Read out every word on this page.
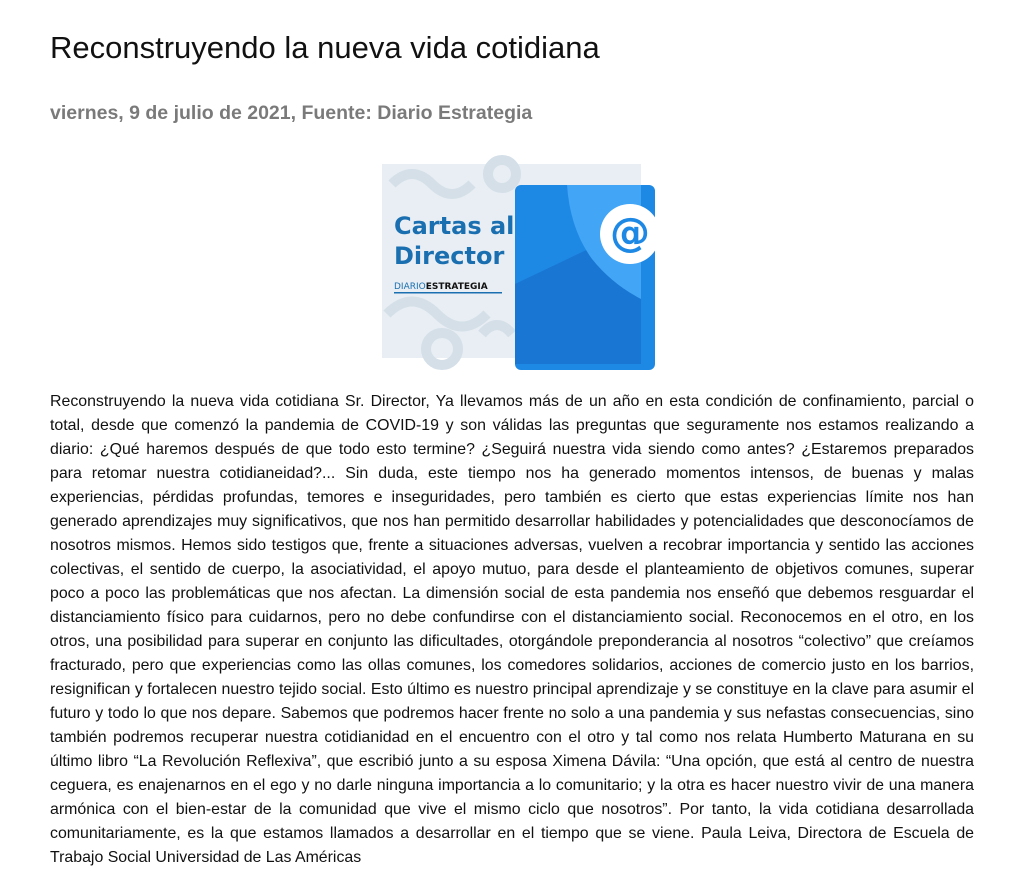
Reconstruyendo la nueva vida cotidiana
viernes, 9 de julio de 2021, Fuente: Diario Estrategia
@
Cartas al
Director
DIARIOESTRATEGIA

Reconstruyendo la nueva vida cotidiana Sr. Director, Ya llevamos más de un año en esta condición de confinamiento, parcial o total, desde que comenzó la pandemia de COVID-19 y son válidas las preguntas que seguramente nos estamos realizando a diario: ¿Qué haremos después de que todo esto termine? ¿Seguirá nuestra vida siendo como antes? ¿Estaremos preparados para retomar nuestra cotidianeidad?... Sin duda, este tiempo nos ha generado momentos intensos, de buenas y malas experiencias, pérdidas profundas, temores e inseguridades, pero también es cierto que estas experiencias límite nos han generado aprendizajes muy significativos, que nos han permitido desarrollar habilidades y potencialidades que desconocíamos de nosotros mismos. Hemos sido testigos que, frente a situaciones adversas, vuelven a recobrar importancia y sentido las acciones colectivas, el sentido de cuerpo, la asociatividad, el apoyo mutuo, para desde el planteamiento de objetivos comunes, superar poco a poco las problemáticas que nos afectan. La dimensión social de esta pandemia nos enseñó que debemos resguardar el distanciamiento físico para cuidarnos, pero no debe confundirse con el distanciamiento social. Reconocemos en el otro, en los otros, una posibilidad para superar en conjunto las dificultades, otorgándole preponderancia al nosotros “colectivo” que creíamos fracturado, pero que experiencias como las ollas comunes, los comedores solidarios, acciones de comercio justo en los barrios, resignifican y fortalecen nuestro tejido social. Esto último es nuestro principal aprendizaje y se constituye en la clave para asumir el futuro y todo lo que nos depare. Sabemos que podremos hacer frente no solo a una pandemia y sus nefastas consecuencias, sino también podremos recuperar nuestra cotidianidad en el encuentro con el otro y tal como nos relata Humberto Maturana en su último libro “La Revolución Reflexiva”, que escribió junto a su esposa Ximena Dávila: “Una opción, que está al centro de nuestra ceguera, es enajenarnos en el ego y no darle ninguna importancia a lo comunitario; y la otra es hacer nuestro vivir de una manera armónica con el bien-estar de la comunidad que vive el mismo ciclo que nosotros”. Por tanto, la vida cotidiana desarrollada comunitariamente, es la que estamos llamados a desarrollar en el tiempo que se viene. Paula Leiva, Directora de Escuela de Trabajo Social Universidad de Las Américas
